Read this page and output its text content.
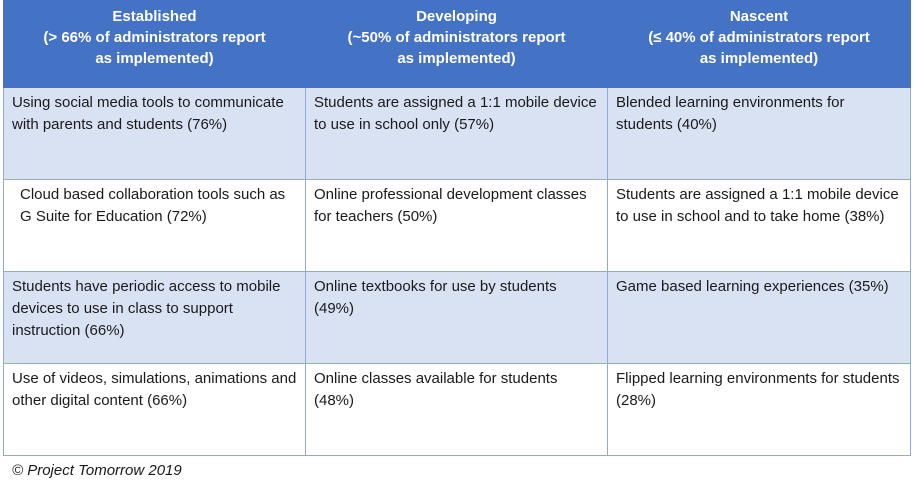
Established
(> 66% of administrators report
as implemented)	Developing
(~50% of administrators report
as implemented)	Nascent
(≤ 40% of administrators report
as implemented)

Using social media tools to communicate with parents and students (76%)	Students are assigned a 1:1 mobile device to use in school only (57%)	Blended learning environments for students (40%)
Cloud based collaboration tools such as G Suite for Education (72%)	Online professional development classes for teachers (50%)	Students are assigned a 1:1 mobile device to use in school and to take home (38%)
Students have periodic access to mobile devices to use in class to support instruction (66%)	Online textbooks for use by students (49%)	Game based learning experiences (35%)
Use of videos, simulations, animations and other digital content (66%)	Online classes available for students (48%)	Flipped learning environments for students (28%)
© Project Tomorrow 2019
